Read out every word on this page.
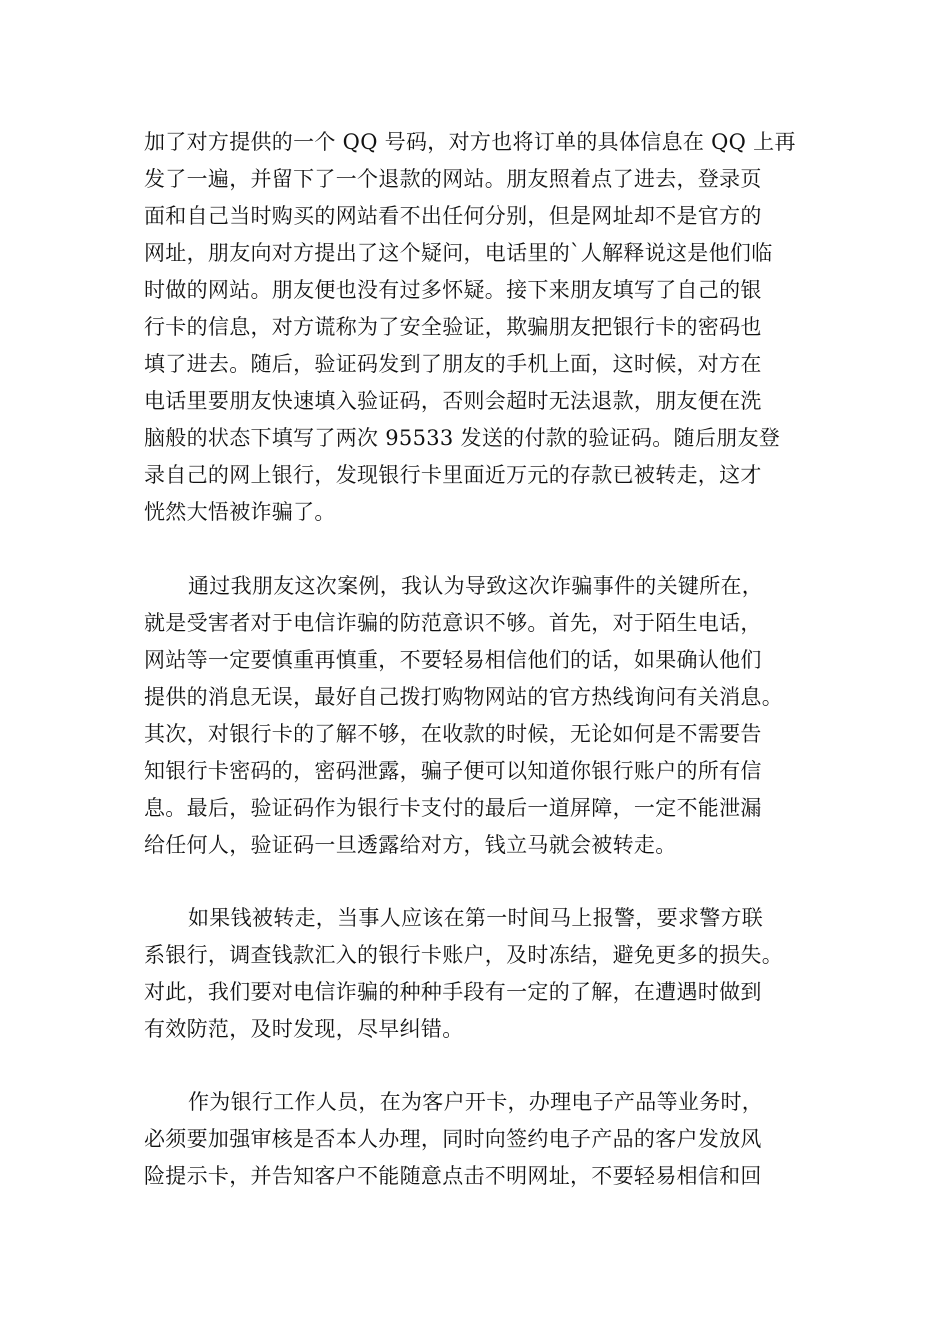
加了对方提供的一个 QQ 号码，对方也将订单的具体信息在 QQ 上再
发了一遍，并留下了一个退款的网站。朋友照着点了进去，登录页
面和自己当时购买的网站看不出任何分别，但是网址却不是官方的
网址，朋友向对方提出了这个疑问，电话里的`人解释说这是他们临
时做的网站。朋友便也没有过多怀疑。接下来朋友填写了自己的银
行卡的信息，对方谎称为了安全验证，欺骗朋友把银行卡的密码也
填了进去。随后，验证码发到了朋友的手机上面，这时候，对方在
电话里要朋友快速填入验证码，否则会超时无法退款，朋友便在洗
脑般的状态下填写了两次 95533 发送的付款的验证码。随后朋友登
录自己的网上银行，发现银行卡里面近万元的存款已被转走，这才
恍然大悟被诈骗了。

通过我朋友这次案例，我认为导致这次诈骗事件的关键所在，
就是受害者对于电信诈骗的防范意识不够。首先，对于陌生电话，
网站等一定要慎重再慎重，不要轻易相信他们的话，如果确认他们
提供的消息无误，最好自己拨打购物网站的官方热线询问有关消息。
其次，对银行卡的了解不够，在收款的时候，无论如何是不需要告
知银行卡密码的，密码泄露，骗子便可以知道你银行账户的所有信
息。最后，验证码作为银行卡支付的最后一道屏障，一定不能泄漏
给任何人，验证码一旦透露给对方，钱立马就会被转走。

如果钱被转走，当事人应该在第一时间马上报警，要求警方联
系银行，调查钱款汇入的银行卡账户，及时冻结，避免更多的损失。
对此，我们要对电信诈骗的种种手段有一定的了解，在遭遇时做到
有效防范，及时发现，尽早纠错。

作为银行工作人员，在为客户开卡，办理电子产品等业务时，
必须要加强审核是否本人办理，同时向签约电子产品的客户发放风
险提示卡，并告知客户不能随意点击不明网址，不要轻易相信和回
